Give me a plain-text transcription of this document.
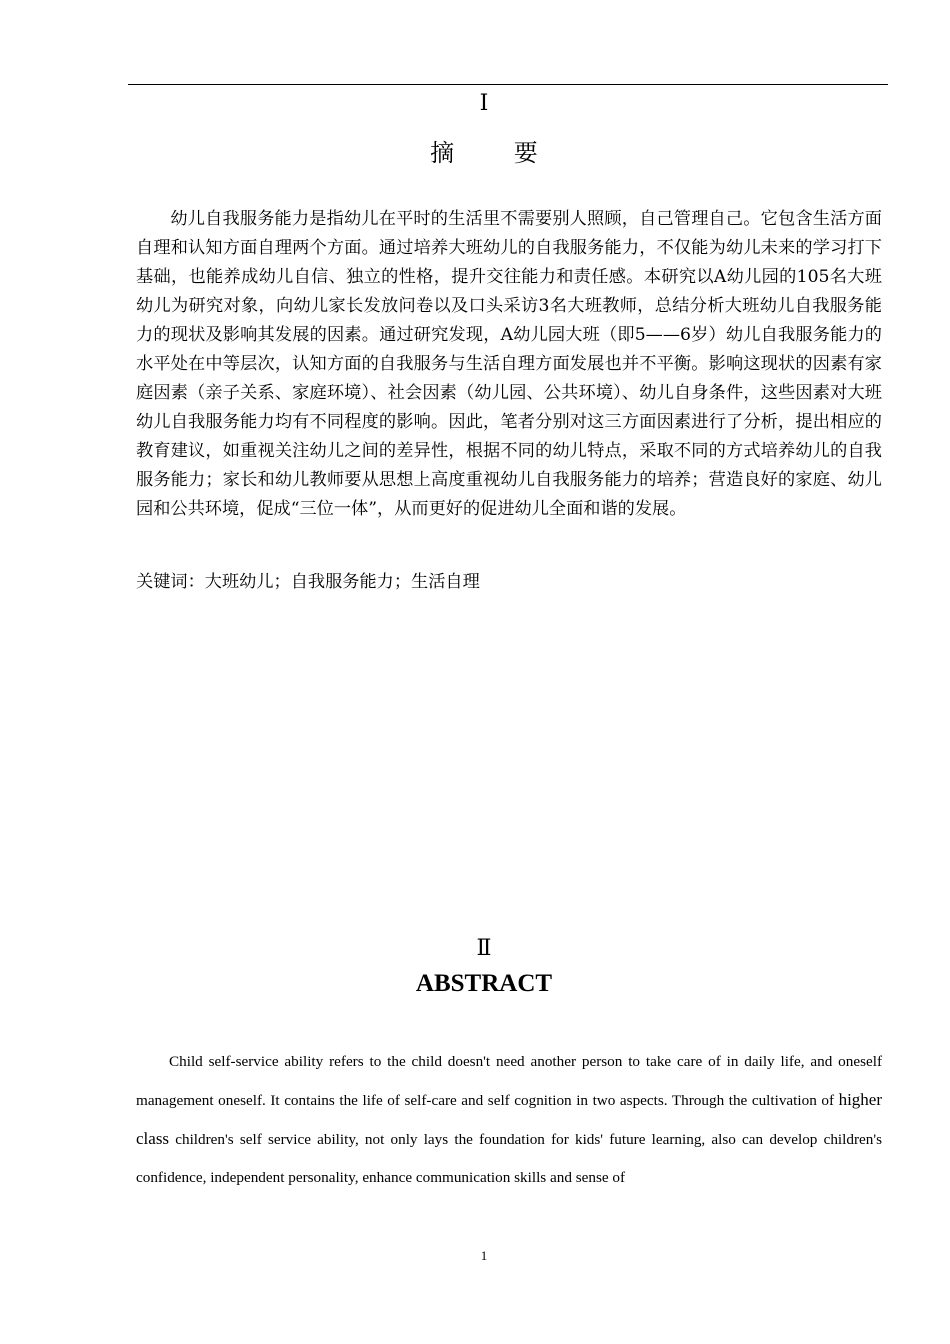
Ⅰ
摘 要

幼儿自我服务能力是指幼儿在平时的生活里不需要别人照顾，自己管理自己。它包含生活方面自理和认知方面自理两个方面。通过培养大班幼儿的自我服务能力，不仅能为幼儿未来的学习打下基础，也能养成幼儿自信、独立的性格，提升交往能力和责任感。本研究以A幼儿园的105名大班幼儿为研究对象，向幼儿家长发放问卷以及口头采访3名大班教师，总结分析大班幼儿自我服务能力的现状及影响其发展的因素。通过研究发现，A幼儿园大班（即5——6岁）幼儿自我服务能力的水平处在中等层次，认知方面的自我服务与生活自理方面发展也并不平衡。影响这现状的因素有家庭因素（亲子关系、家庭环境）、社会因素（幼儿园、公共环境）、幼儿自身条件，这些因素对大班幼儿自我服务能力均有不同程度的影响。因此，笔者分别对这三方面因素进行了分析，提出相应的教育建议，如重视关注幼儿之间的差异性，根据不同的幼儿特点，采取不同的方式培养幼儿的自我服务能力；家长和幼儿教师要从思想上高度重视幼儿自我服务能力的培养；营造良好的家庭、幼儿园和公共环境，促成“三位一体”，从而更好的促进幼儿全面和谐的发展。

关键词：大班幼儿；自我服务能力；生活自理

Ⅱ
ABSTRACT

Child self-service ability refers to the child doesn't need another person to take care of in daily life, and oneself management oneself. It contains the life of self-care and self cognition in two aspects. Through the cultivation of higher class children's self service ability, not only lays the foundation for kids' future learning, also can develop children's confidence, independent personality, enhance communication skills and sense of

1
